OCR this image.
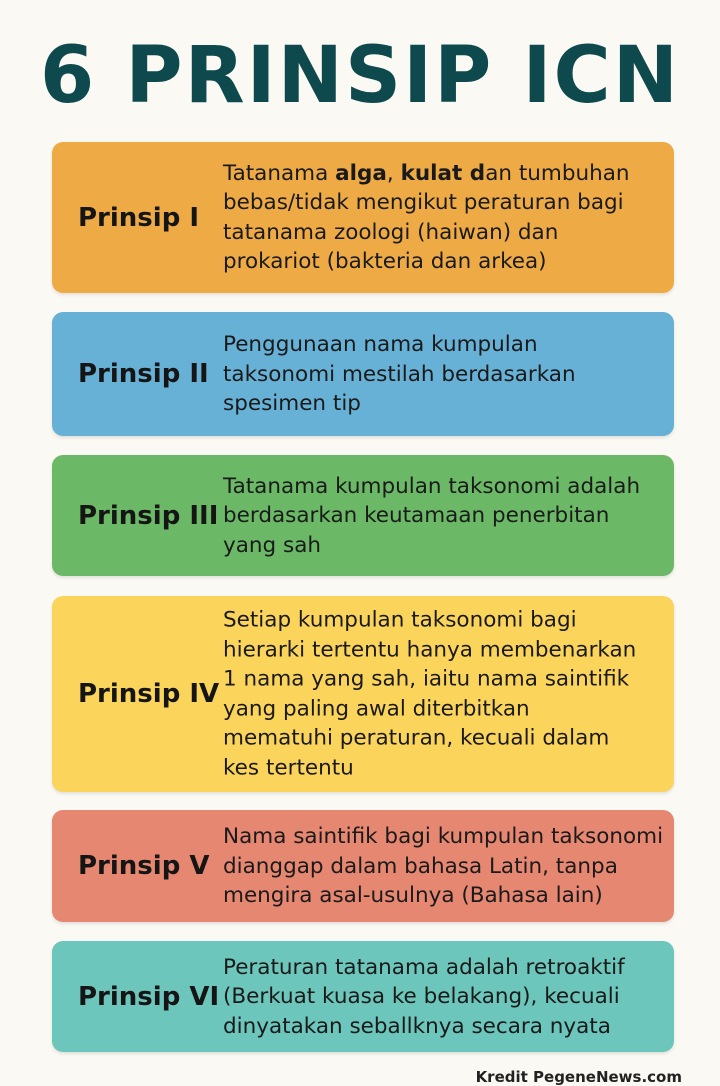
6 PRINSIP ICN
Prinsip I
Tatanama alga, kulat dan tumbuhan
bebas/tidak mengikut peraturan bagi
tatanama zoologi (haiwan) dan
prokariot (bakteria dan arkea)
Prinsip II
Penggunaan nama kumpulan
taksonomi mestilah berdasarkan
spesimen tip
Prinsip III
Tatanama kumpulan taksonomi adalah
berdasarkan keutamaan penerbitan
yang sah
Prinsip IV
Setiap kumpulan taksonomi bagi
hierarki tertentu hanya membenarkan
1 nama yang sah, iaitu nama saintifik
yang paling awal diterbitkan
mematuhi peraturan, kecuali dalam
kes tertentu
Prinsip V
Nama saintifik bagi kumpulan taksonomi
dianggap dalam bahasa Latin, tanpa
mengira asal-usulnya (Bahasa lain)
Prinsip VI
Peraturan tatanama adalah retroaktif
(Berkuat kuasa ke belakang), kecuali
dinyatakan seballknya secara nyata
Kredit PegeneNews.com
